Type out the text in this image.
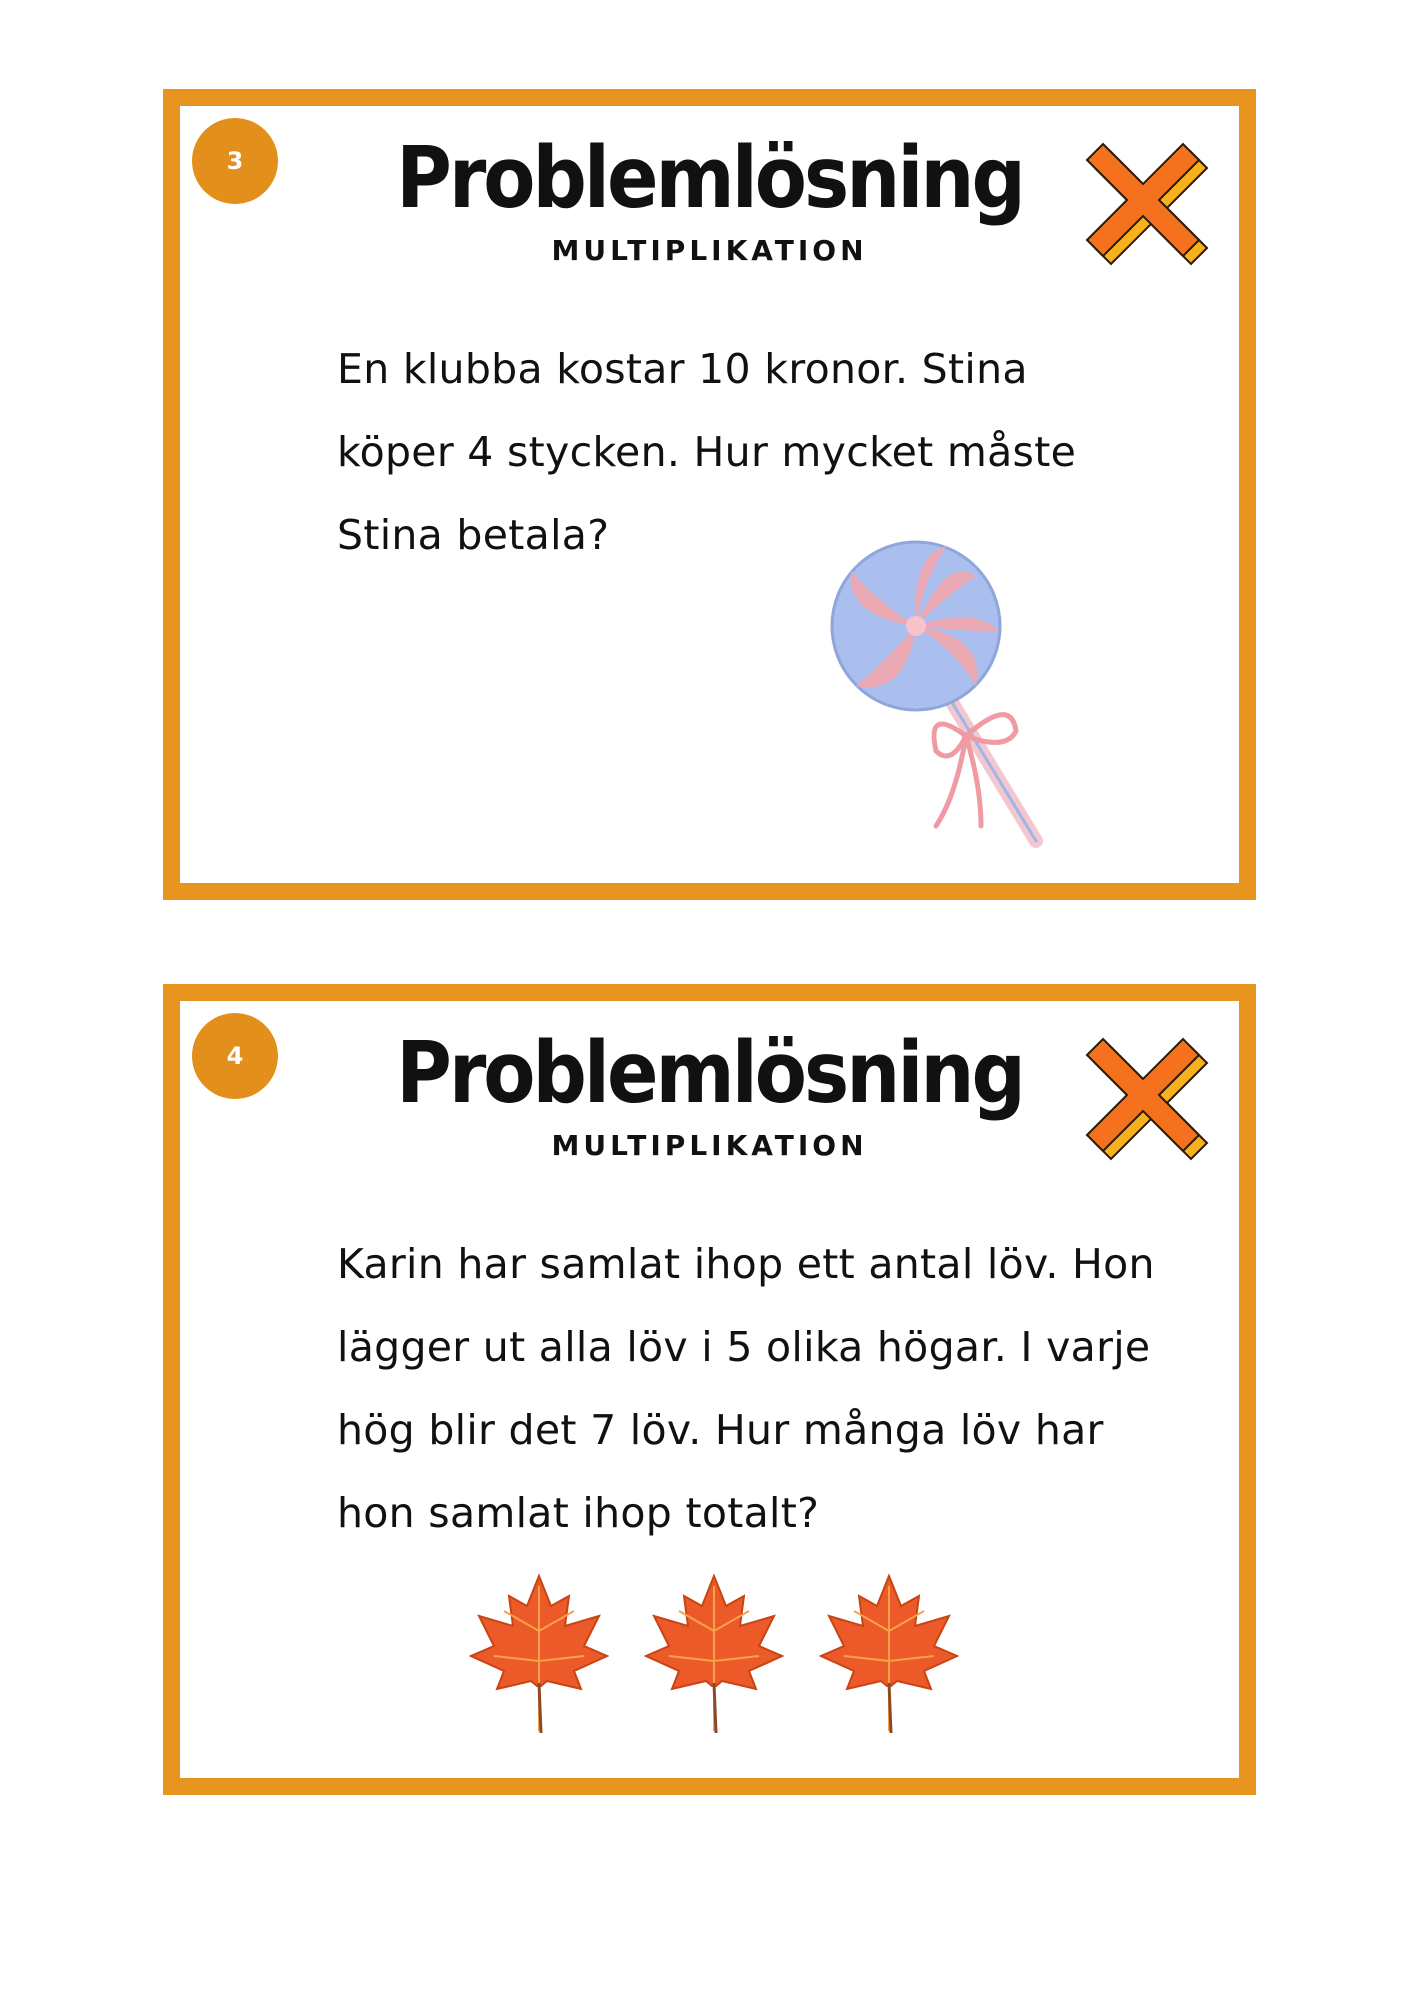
3	Problemlösning
MULTIPLIKATION

En klubba kostar 10 kronor. Stina köper 4 stycken. Hur mycket måste Stina betala?

4	Problemlösning
MULTIPLIKATION

Karin har samlat ihop ett antal löv. Hon lägger ut alla löv i 5 olika högar. I varje hög blir det 7 löv. Hur många löv har hon samlat ihop totalt?
